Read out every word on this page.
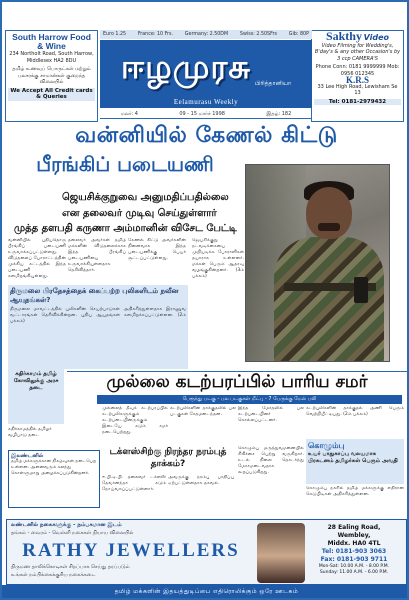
South Harrow Food & Wine
234 Northolt Road, South Harrow, Middlesex HA2 8DU
தமிழ் உணவுப் பொருட்கள் மற்றும் பலசரக்கு சாமான்கள் குறைந்த விலையில்
We Accept All Credit cards & Queries
Sakthy Video
Video Filming for Wedding's, B'day's & any other Occasion's by 3 ccp CAMERA'S
Phone Conn: 0181 9999999 Mob: 0956 012345
K.R.S
33 Lee High Road, Lewisham Se 13
Tel: 0181-2979432
Euro 1.25 France: 10 Frs. Germany: 2.50DM Swiss: 2.50SFrs Gib: 80P
ஈழமுரசு பிரித்தானியா
Eelamurasu Weekly
மலர்: 4	09 - 15 மார்ச் 1998	இதழ்: 182
வன்னியில் கேணல் கிட்டு
பீரங்கிப் படையணி
ஜெயசிக்குறுவை அனுமதிப்பதில்லை
என தலைவர் முடிவு செய்துள்ளார்
முத்த தளபதி கருணா அம்மானின் விசேட பேட்டி
வன்னியில் புதியதொரு பீரங்கிப் படையணி உருவாக்கப்பட்டுள்ளது. விடுதலைப் போராட்டத்தின் முக்கிய கட்டத்தில் இந்த படையணி களமிறங்கியுள்ளது.
தலைவர் அவர்கள் தமிழ் மக்களின் விடுதலைக்காக இந்த பீரங்கிப் படையணியை உருவாக்கியுள்ளதாக தெரிவித்தார்.
கேணல் கிட்டு அவர்களின் நினைவாக இந்த படையணிக்கு பெயர் சூட்டப்பட்டுள்ளது.
ஜெயசிக்குறு நடவடிக்கையை முறியடிக்க போராளிகள் தயாராக உள்ளனர். மக்கள் பெரும் ஆதரவு வழங்குகின்றனர். (3ம் பக்கம்)
திருமலை பிரதேசத்தைக் கைப்பற்ற புலிகளிடம் நவீன ஆயுதங்கள்?
திருமலை மாவட்டத்தில் புலிகளின் செயற்பாடுகள் அதிகரித்துள்ளதாக இராணுவ வட்டாரங்கள் தெரிவிக்கின்றன. புதிய ஆயுதங்கள் களமிறக்கப்பட்டுள்ளன. (2ம் பக்கம்)
கதிர்காமம் தமிழ் கோவிலுக்கு அரச தடை	முல்லை கடற்பரப்பில் பாரிய சமர்
பேரூந்து படகு - பல படகுகள் மீட்பு - 7 பேருக்கு மேல் பலி
கதிர்காமத்தில் தமிழர் வழிபாடு தடை
இலண்டனில்
தமிழ் மக்களுக்கான நிகழ்வுகள் நடைபெற உள்ளன. அனைவரும் கலந்து கொள்ளுமாறு அழைக்கப்படுகின்றனர்.
முல்லைத் தீவுக் கடற்பரப்பில் கடற்புலிகளுக்கும் கடற்படையினருக்கும் இடையே கடும் சமர் நடைபெற்றது.
கடற்புலிகளின் தாக்குதலில் பல படகுகள் சேதமடைந்தன.
இந்த மோதலில் பல கடற்படையினர் கொல்லப்பட்டனர்.
கடற்புலிகளின் தாக்குதல் அணி பெரும் வெற்றியீட்டியது. (2ம் பக்கம்)
டக்ளஸ்சிற்கு நிரந்தர நரம்புத் தாக்கம்?
ஈ.பி.டி.பி. தலைவர் டக்ளஸ் தேவானந்தா கடும் நோய்வாய்ப்பட்டுள்ளார்.
அவருக்கு நரம்பு பாதிப்பு ஏற்பட்டுள்ளதாக தகவல்.
கொழும்பு மருத்துவமனையில் சிகிச்சை பெற்று வருகிறார். உடல் நிலை தொடர்ந்து மோசமடைவதாக கூறப்படுகிறது.
கொழும்பு
உயர் பாதுகாப்பு வலயமாக பிரகடனம் தமிழர்கள் பெரும் அவதி
கொழும்பு நகரில் தமிழ் மக்களுக்கு எதிரான கெடுபிடிகள் அதிகரித்துள்ளன.
லண்டனில் நகைகளுக்கு - நம்பகமான இடம்
தங்கம் - வைரம் - வெள்ளி நகைகள் நியாய விலையில்
RATHY JEWELLERS
திருமண தாலிக்கொடிகள் சிறப்பாக செய்து தரப்படும்
உங்கள் நம்பிக்கைக்குரிய நகைக்கடை
28 Ealing Road,
Wembley,
Middx. HA0 4TL
Tel: 0181-903 3063
Fax: 0181-903 9711
Mon-Sat: 10.00 A.M. - 8.00 P.M.
Sunday: 11.00 A.M. - 6.00 P.M.
தமிழ் மக்களின் இதயத்துடிப்பை எதிரொலிக்கும் ஒரே ஊடகம்
